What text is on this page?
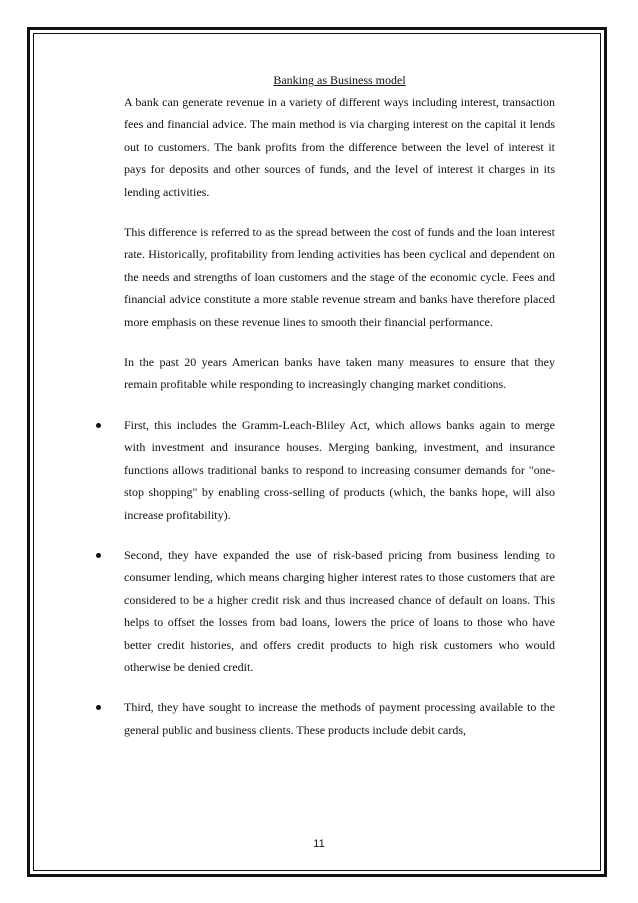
Banking as Business model

A bank can generate revenue in a variety of different ways including interest, transaction fees and financial advice. The main method is via charging interest on the capital it lends out to customers. The bank profits from the difference between the level of interest it pays for deposits and other sources of funds, and the level of interest it charges in its lending activities.

This difference is referred to as the spread between the cost of funds and the loan interest rate. Historically, profitability from lending activities has been cyclical and dependent on the needs and strengths of loan customers and the stage of the economic cycle. Fees and financial advice constitute a more stable revenue stream and banks have therefore placed more emphasis on these revenue lines to smooth their financial performance.

In the past 20 years American banks have taken many measures to ensure that they remain profitable while responding to increasingly changing market conditions.

First, this includes the Gramm-Leach-Bliley Act, which allows banks again to merge with investment and insurance houses. Merging banking, investment, and insurance functions allows traditional banks to respond to increasing consumer demands for "one-stop shopping" by enabling cross-selling of products (which, the banks hope, will also increase profitability).

Second, they have expanded the use of risk-based pricing from business lending to consumer lending, which means charging higher interest rates to those customers that are considered to be a higher credit risk and thus increased chance of default on loans. This helps to offset the losses from bad loans, lowers the price of loans to those who have better credit histories, and offers credit products to high risk customers who would otherwise be denied credit.

Third, they have sought to increase the methods of payment processing available to the general public and business clients. These products include debit cards,

11
